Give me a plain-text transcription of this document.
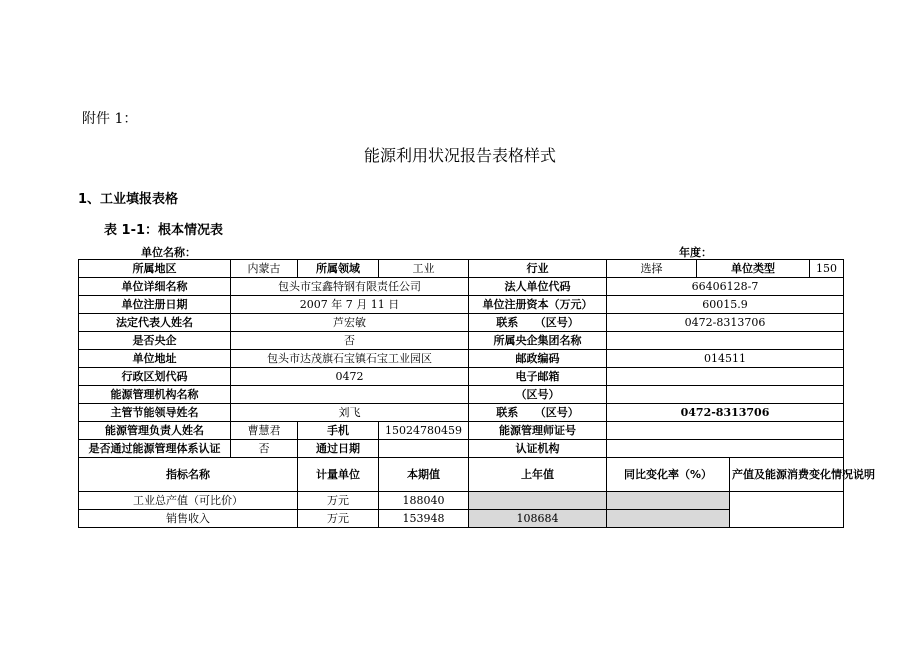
附件 1：
能源利用状况报告表格样式
1、工业填报表格
表 1-1：根本情况表
单位名称：	年度：
所属地区	内蒙古	所属领域	工业	行业	选择	单位类型		150
单位详细名称	包头市宝鑫特钢有限责任公司			法人单位代码	66406128-7			
单位注册日期	2007 年 7 月 11 日			单位注册资本（万元）	60015.9			
法定代表人姓名	芦宏敏			联系　　（区号）	0472-8313706			
是否央企	否			所属央企集团名称				
单位地址	包头市达茂旗石宝镇石宝工业园区			邮政编码	014511			
行政区划代码	0472			电子邮箱				
能源管理机构名称				（区号）				
主管节能领导姓名	刘飞			联系　　（区号）	0472-8313706			
能源管理负责人姓名	曹慧君	手机	15024780459	能源管理师证号				
是否通过能源管理体系认证	否	通过日期		认证机构				
指标名称		计量单位	本期值	上年值	同比变化率（%）		产值及能源消费变化情况说明	
工业总产值（可比价）		万元	188040					
销售收入		万元	153948	108684				
